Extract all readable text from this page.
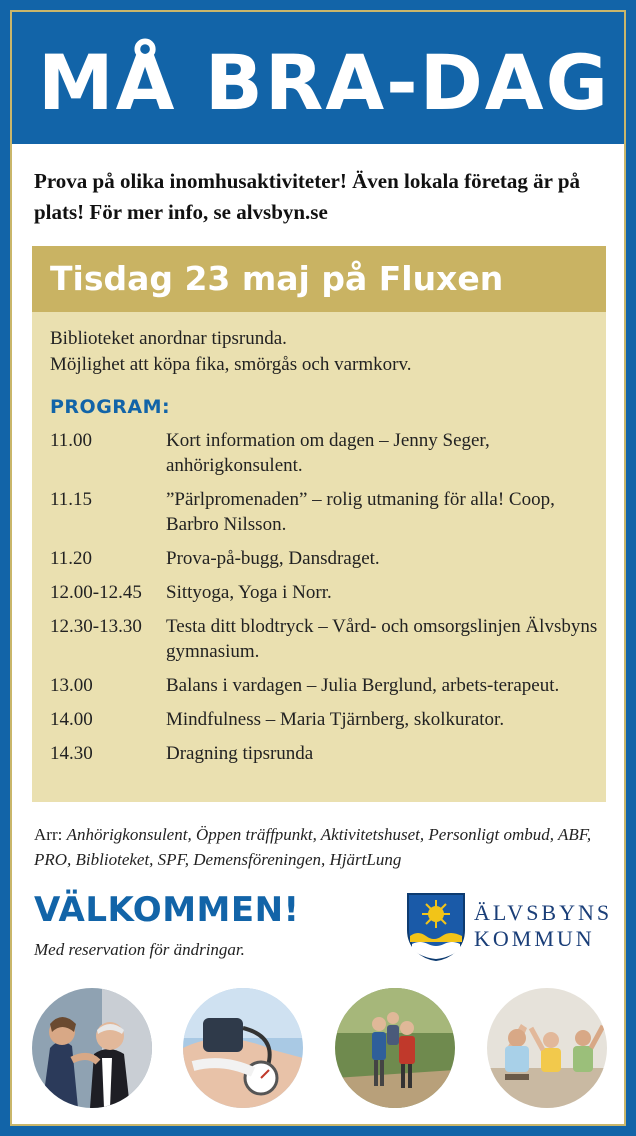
MÅ BRA-DAG
Prova på olika inomhusaktiviteter! Även lokala företag är på plats! För mer info, se alvsbyn.se
Tisdag 23 maj på Fluxen
Biblioteket anordnar tipsrunda.
Möjlighet att köpa fika, smörgås och varmkorv.
PROGRAM:
11.00	Kort information om dagen – Jenny Seger, anhörigkonsulent.
11.15	”Pärlpromenaden” – rolig utmaning för alla! Coop, Barbro Nilsson.
11.20	Prova-på-bugg, Dansdraget.
12.00-12.45	Sittyoga, Yoga i Norr.
12.30-13.30	Testa ditt blodtryck – Vård- och omsorgslinjen Älvsbyns gymnasium.
13.00	Balans i vardagen – Julia Berglund, arbets-terapeut.
14.00	Mindfulness – Maria Tjärnberg, skolkurator.
14.30	Dragning tipsrunda
Arr: Anhörigkonsulent, Öppen träffpunkt, Aktivitetshuset, Personligt ombud, ABF, PRO, Biblioteket, SPF, Demensföreningen, HjärtLung
VÄLKOMMEN!
Med reservation för ändringar.
ÄLVSBYNS
KOMMUN
